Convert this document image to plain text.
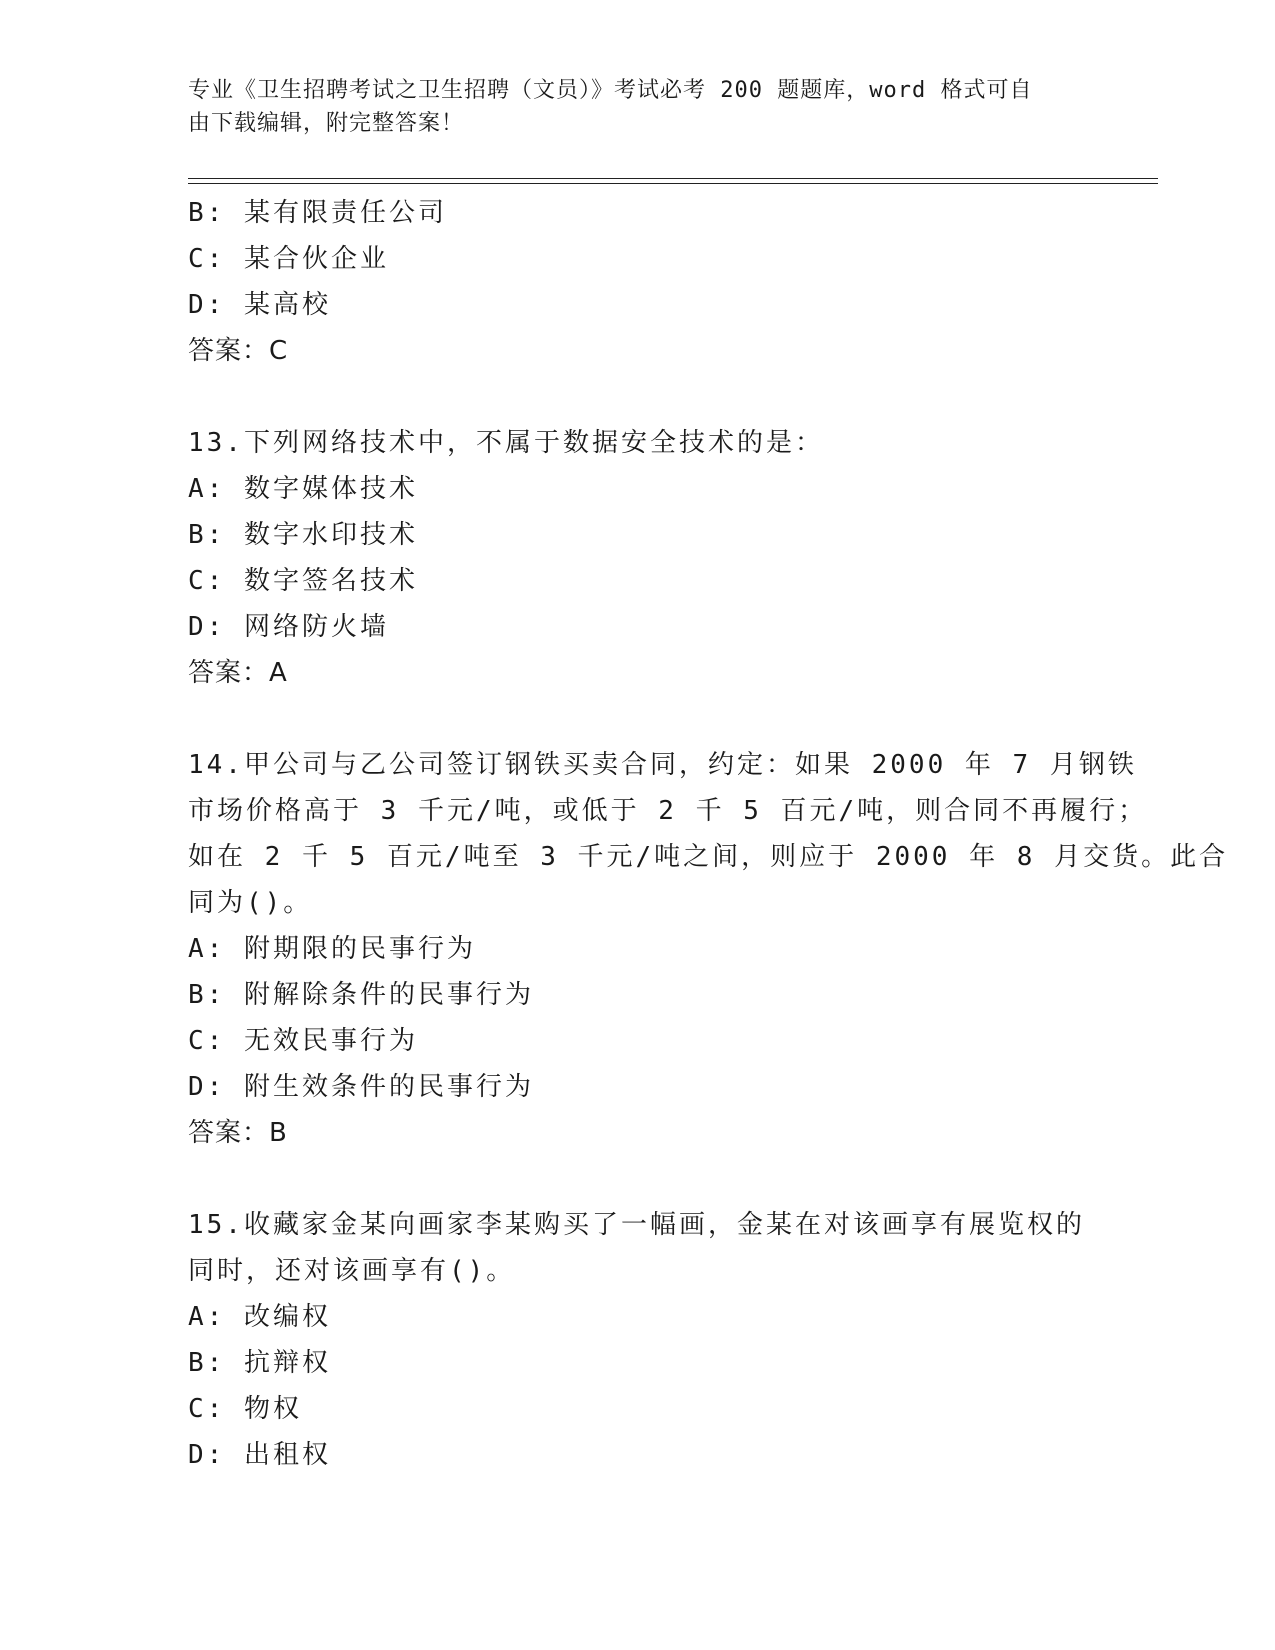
专业《卫生招聘考试之卫生招聘（文员）》考试必考 200 题题库，word 格式可自
由下载编辑，附完整答案！
B: 某有限责任公司
C: 某合伙企业
D: 某高校
答案：C
13.下列网络技术中，不属于数据安全技术的是：
A: 数字媒体技术
B: 数字水印技术
C: 数字签名技术
D: 网络防火墙
答案：A
14.甲公司与乙公司签订钢铁买卖合同，约定：如果 2000 年 7 月钢铁
市场价格高于 3 千元/吨，或低于 2 千 5 百元/吨，则合同不再履行；
如在 2 千 5 百元/吨至 3 千元/吨之间，则应于 2000 年 8 月交货。此合
同为()。
A: 附期限的民事行为
B: 附解除条件的民事行为
C: 无效民事行为
D: 附生效条件的民事行为
答案：B
15.收藏家金某向画家李某购买了一幅画，金某在对该画享有展览权的
同时，还对该画享有()。
A: 改编权
B: 抗辩权
C: 物权
D: 出租权
